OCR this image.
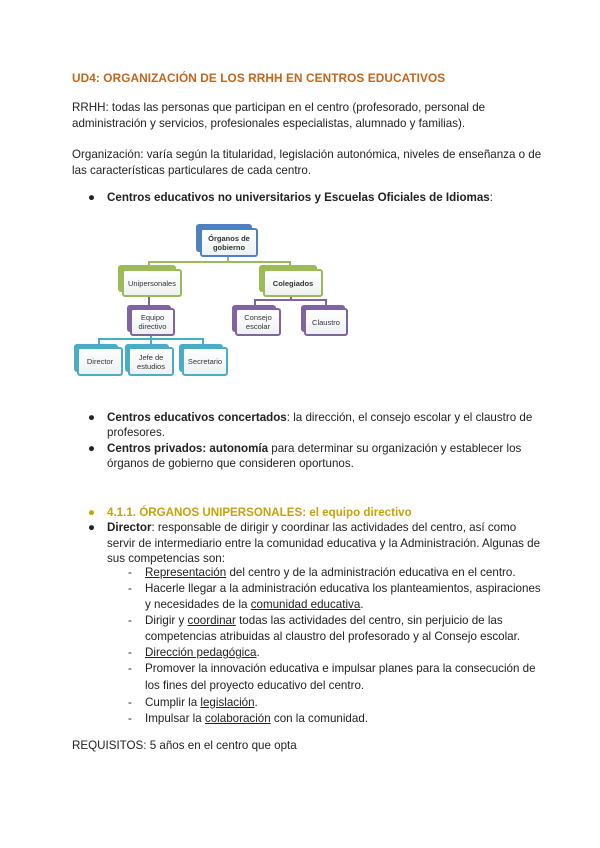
UD4: ORGANIZACIÓN DE LOS RRHH EN CENTROS EDUCATIVOS
RRHH: todas las personas que participan en el centro (profesorado, personal de
administración y servicios, profesionales especialistas, alumnado y familias).
Organización: varía según la titularidad, legislación autonómica, niveles de enseñanza o de
las características particulares de cada centro.
● Centros educativos no universitarios y Escuelas Oficiales de Idiomas:
Órganos de gobierno
Unipersonales	Colegiados
Equipo directivo
Consejo escolar	Claustro
Director	Jefe de estudios	Secretario
● Centros educativos concertados: la dirección, el consejo escolar y el claustro de
profesores.
● Centros privados: autonomía para determinar su organización y establecer los
órganos de gobierno que consideren oportunos.
● 4.1.1. ÓRGANOS UNIPERSONALES: el equipo directivo
● Director: responsable de dirigir y coordinar las actividades del centro, así como
servir de intermediario entre la comunidad educativa y la Administración. Algunas de
sus competencias son:
- Representación del centro y de la administración educativa en el centro.
- Hacerle llegar a la administración educativa los planteamientos, aspiraciones
y necesidades de la comunidad educativa.
- Dirigir y coordinar todas las actividades del centro, sin perjuicio de las
competencias atribuidas al claustro del profesorado y al Consejo escolar.
- Dirección pedagógica.
- Promover la innovación educativa e impulsar planes para la consecución de
los fines del proyecto educativo del centro.
- Cumplir la legislación.
- Impulsar la colaboración con la comunidad.
REQUISITOS: 5 años en el centro que opta
